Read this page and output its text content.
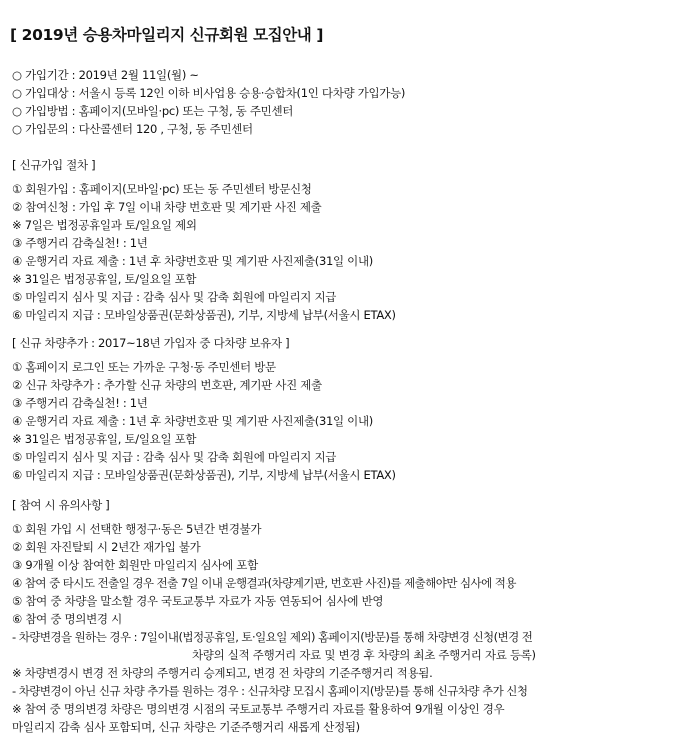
[ 2019년 승용차마일리지 신규회원 모집안내 ]
○ 가입기간 : 2019년 2월 11일(월) ~
○ 가입대상 : 서울시 등록 12인 이하 비사업용 승용·승합차(1인 다차량 가입가능)
○ 가입방법 : 홈페이지(모바일·pc) 또는 구청, 동 주민센터
○ 가입문의 : 다산콜센터 120 , 구청, 동 주민센터
[ 신규가입 절차 ]
① 회원가입 : 홈페이지(모바일·pc) 또는 동 주민센터 방문신청
② 참여신청 : 가입 후 7일 이내 차량 번호판 및 계기판 사진 제출
※ 7일은 법정공휴일과 토/일요일 제외
③ 주행거리 감축실천! : 1년
④ 운행거리 자료 제출 : 1년 후 차량번호판 및 계기판 사진제출(31일 이내)
※ 31일은 법정공휴일, 토/일요일 포함
⑤ 마일리지 심사 및 지급 : 감축 심사 및 감축 회원에 마일리지 지급
⑥ 마일리지 지급 : 모바일상품권(문화상품권), 기부, 지방세 납부(서울시 ETAX)
[ 신규 차량추가 : 2017~18년 가입자 중 다차량 보유자 ]
① 홈페이지 로그인 또는 가까운 구청·동 주민센터 방문
② 신규 차량추가 : 추가할 신규 차량의 번호판, 계기판 사진 제출
③ 주행거리 감축실천! : 1년
④ 운행거리 자료 제출 : 1년 후 차량번호판 및 계기판 사진제출(31일 이내)
※ 31일은 법정공휴일, 토/일요일 포함
⑤ 마일리지 심사 및 지급 : 감축 심사 및 감축 회원에 마일리지 지급
⑥ 마일리지 지급 : 모바일상품권(문화상품권), 기부, 지방세 납부(서울시 ETAX)
[ 참여 시 유의사항 ]
① 회원 가입 시 선택한 행정구·동은 5년간 변경불가
② 회원 자진탈퇴 시 2년간 재가입 불가
③ 9개월 이상 참여한 회원만 마일리지 심사에 포함
④ 참여 중 타시도 전출일 경우 전출 7일 이내 운행결과(차량계기판, 번호판 사진)를 제출해야만 심사에 적용
⑤ 참여 중 차량을 말소할 경우 국토교통부 자료가 자동 연동되어 심사에 반영
⑥ 참여 중 명의변경 시
- 차량변경을 원하는 경우 : 7일이내(법정공휴일, 토·일요일 제외) 홈페이지(방문)를 통해 차량변경 신청(변경 전
차량의 실적 주행거리 자료 및 변경 후 차량의 최초 주행거리 자료 등록)
※ 차량변경시 변경 전 차량의 주행거리 승계되고, 변경 전 차량의 기준주행거리 적용됨.
- 차량변경이 아닌 신규 차량 추가를 원하는 경우 : 신규차량 모집시 홈페이지(방문)를 통해 신규차량 추가 신청
※ 참여 중 명의변경 차량은 명의변경 시점의 국토교통부 주행거리 자료를 활용하여 9개월 이상인 경우
마일리지 감축 심사 포함되며, 신규 차량은 기준주행거리 새롭게 산정됨)
